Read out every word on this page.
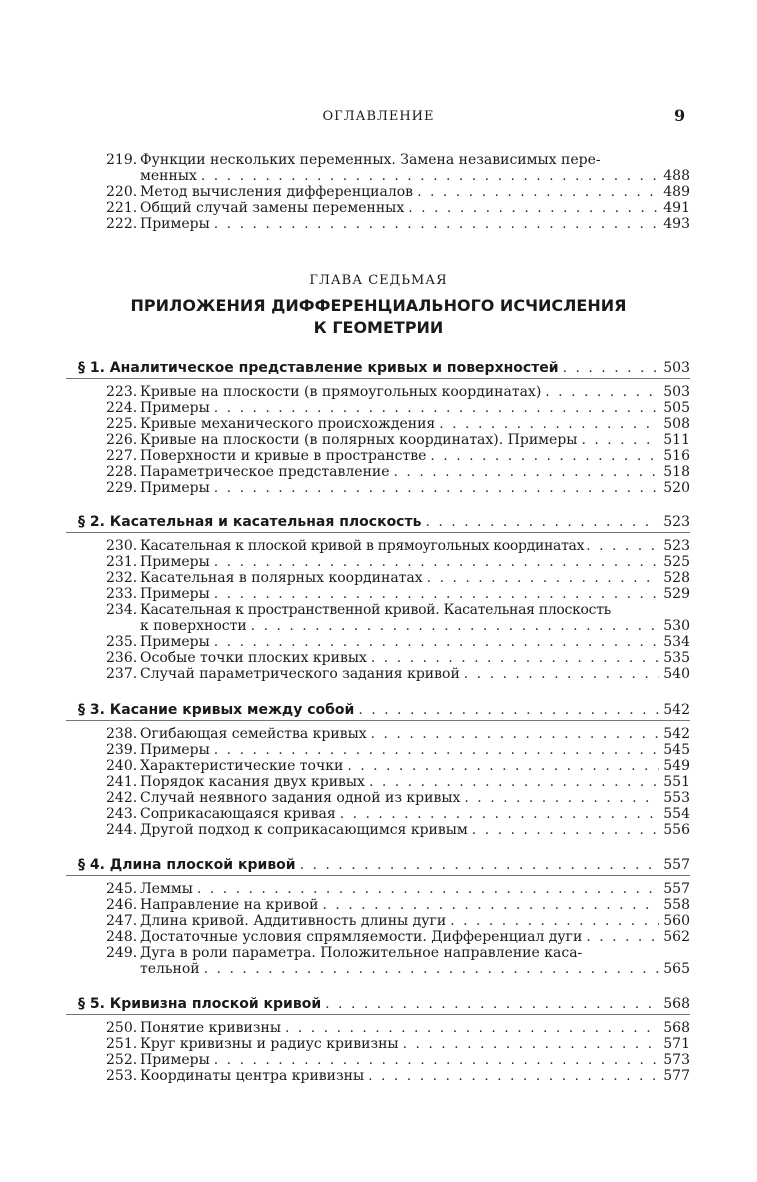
ОГЛАВЛЕНИЕ	9
219. Функции нескольких переменных. Замена независимых пере-
менных . . .	488
220. Метод вычисления дифференциалов . . .	489
221. Общий случай замены переменных . . .	491
222. Примеры . . .	493
ГЛАВА СЕДЬМАЯ
ПРИЛОЖЕНИЯ ДИФФЕРЕНЦИАЛЬНОГО ИСЧИСЛЕНИЯ
К ГЕОМЕТРИИ
§ 1. Аналитическое представление кривых и поверхностей . . .	503
223. Кривые на плоскости (в прямоугольных координатах) . . .	503
224. Примеры . . .	505
225. Кривые механического происхождения . . .	508
226. Кривые на плоскости (в полярных координатах). Примеры . . .	511
227. Поверхности и кривые в пространстве . . .	516
228. Параметрическое представление . . .	518
229. Примеры . . .	520
§ 2. Касательная и касательная плоскость . . .	523
230. Касательная к плоской кривой в прямоугольных координатах . . .	523
231. Примеры . . .	525
232. Касательная в полярных координатах . . .	528
233. Примеры . . .	529
234. Касательная к пространственной кривой. Касательная плоскость
к поверхности . . .	530
235. Примеры . . .	534
236. Особые точки плоских кривых . . .	535
237. Случай параметрического задания кривой . . .	540
§ 3. Касание кривых между собой . . .	542
238. Огибающая семейства кривых . . .	542
239. Примеры . . .	545
240. Характеристические точки . . .	549
241. Порядок касания двух кривых . . .	551
242. Случай неявного задания одной из кривых . . .	553
243. Соприкасающаяся кривая . . .	554
244. Другой подход к соприкасающимся кривым . . .	556
§ 4. Длина плоской кривой . . .	557
245. Леммы . . .	557
246. Направление на кривой . . .	558
247. Длина кривой. Аддитивность длины дуги . . .	560
248. Достаточные условия спрямляемости. Дифференциал дуги . . .	562
249. Дуга в роли параметра. Положительное направление каса-
тельной . . .	565
§ 5. Кривизна плоской кривой . . .	568
250. Понятие кривизны . . .	568
251. Круг кривизны и радиус кривизны . . .	571
252. Примеры . . .	573
253. Координаты центра кривизны . . .	577
